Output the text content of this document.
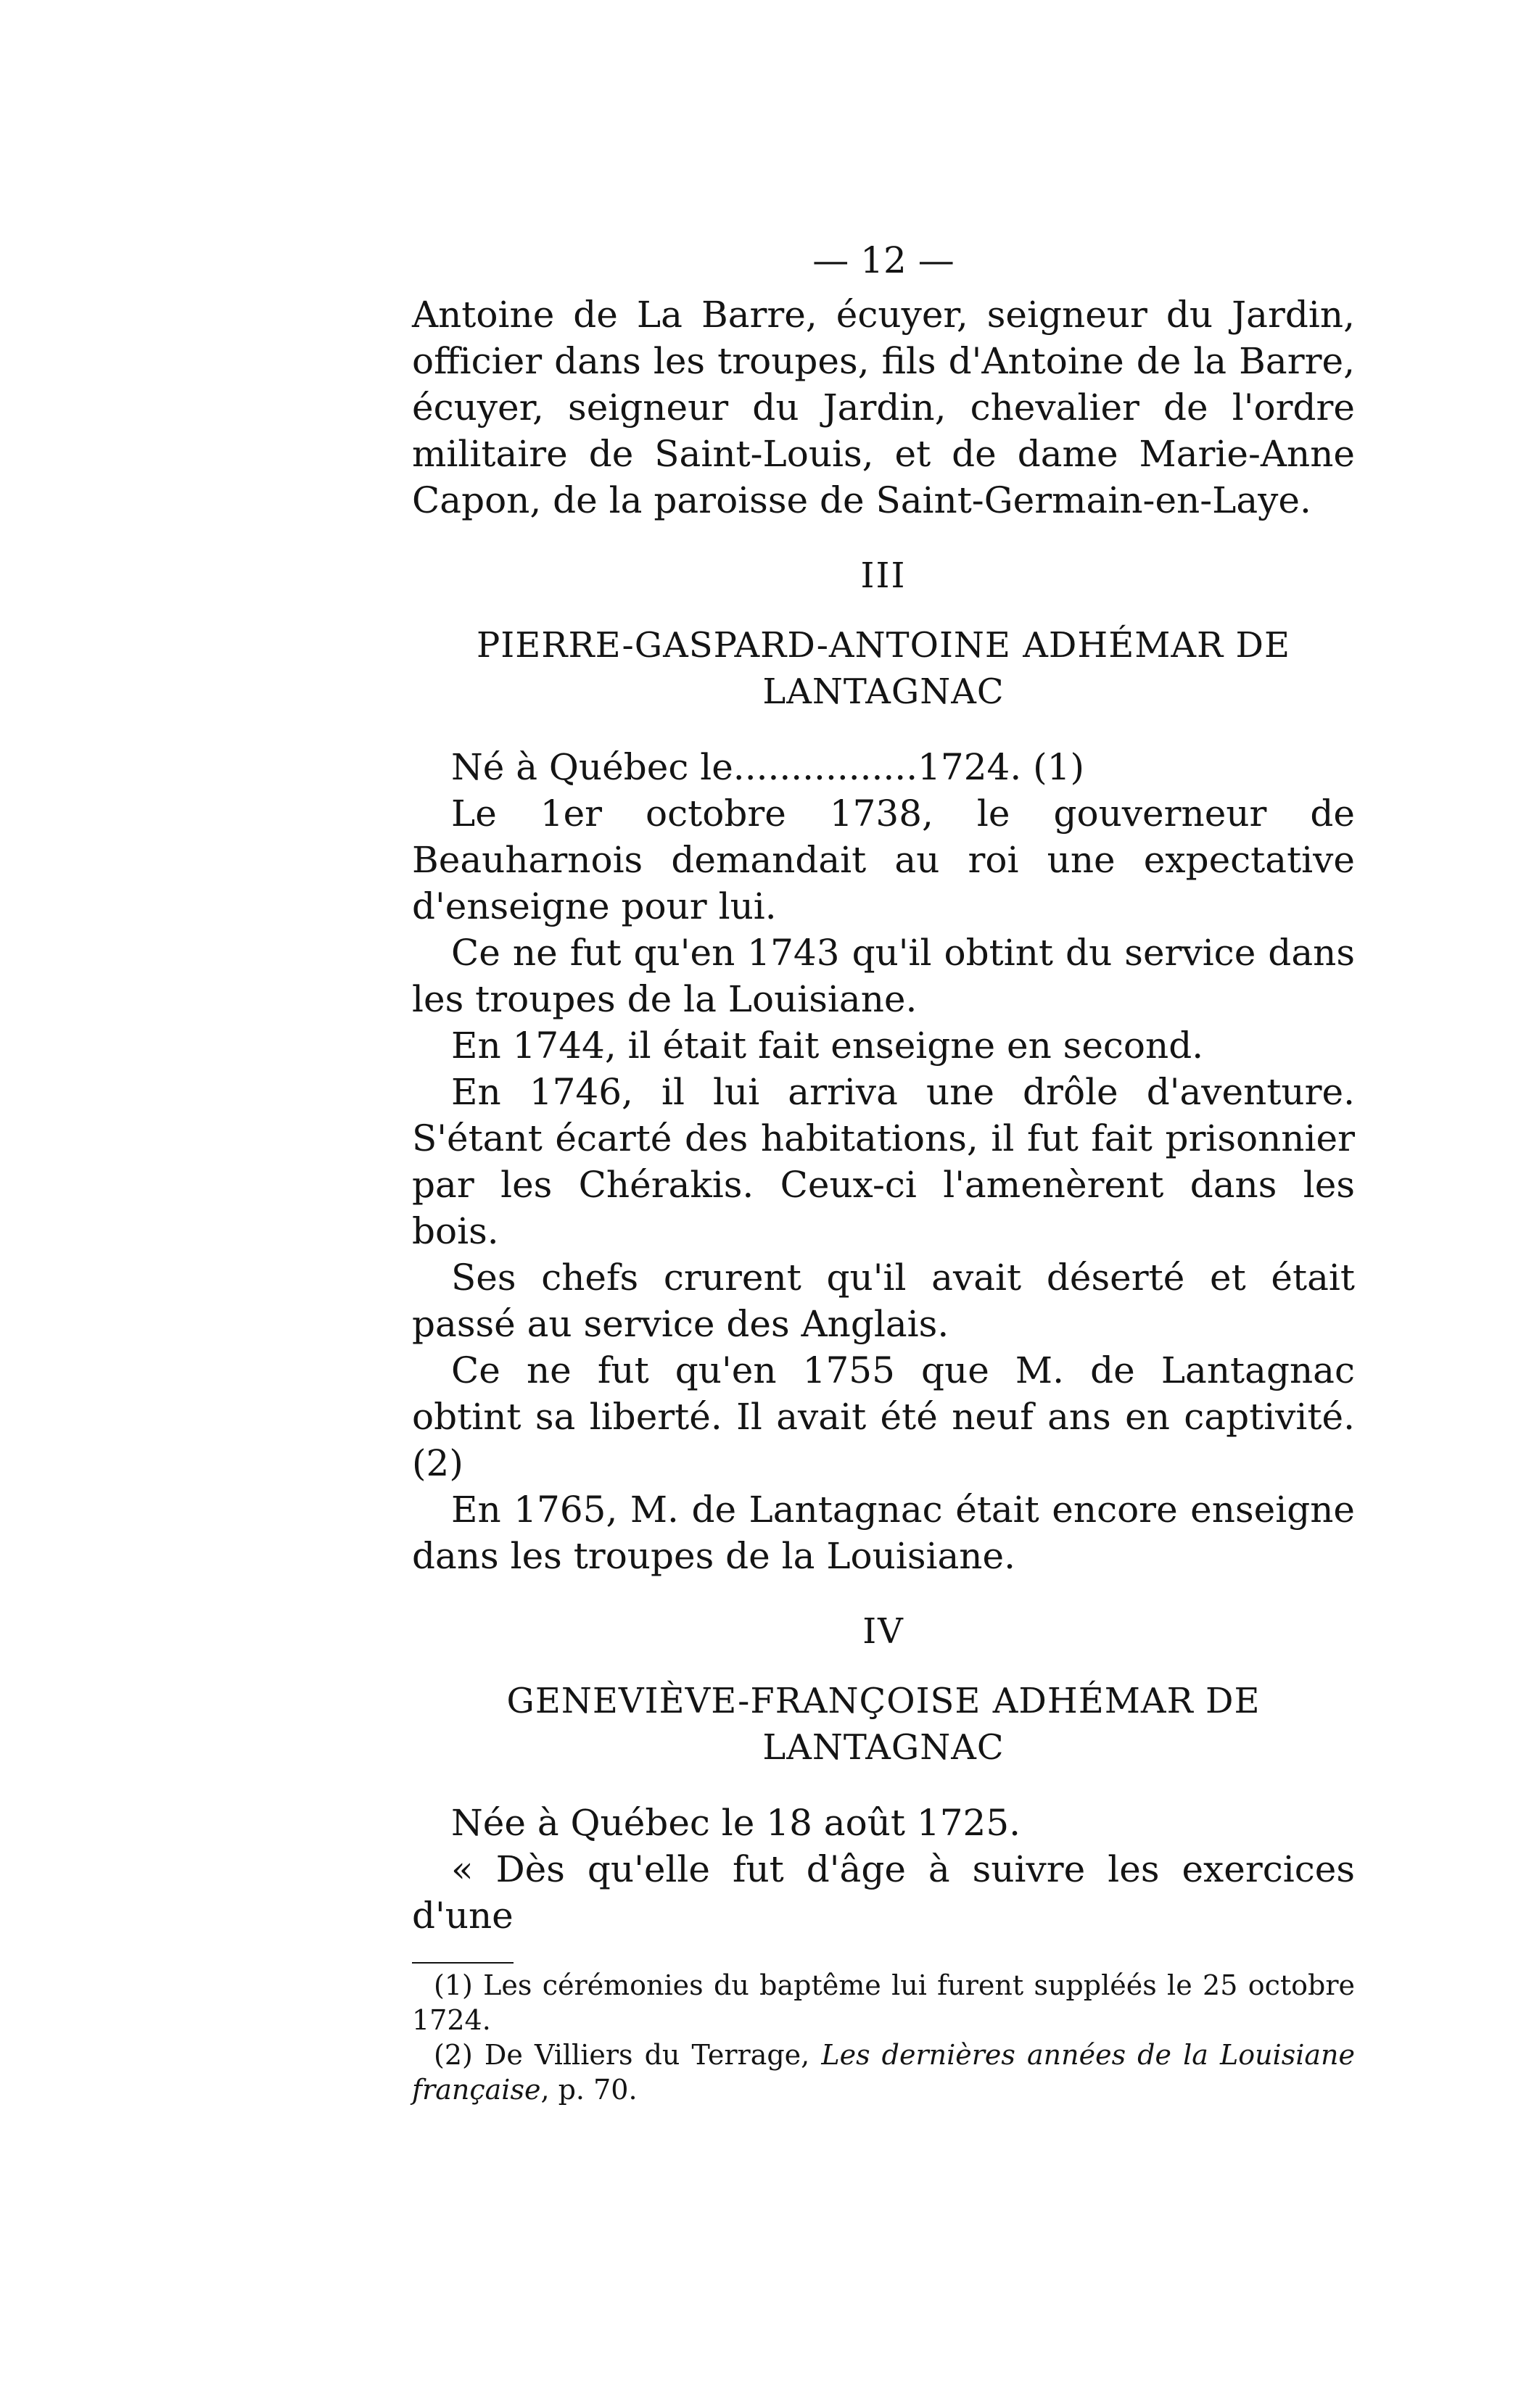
— 12 —

Antoine de La Barre, écuyer, seigneur du Jardin, officier dans les troupes, fils d'Antoine de la Barre, écuyer, seigneur du Jardin, chevalier de l'ordre militaire de Saint-Louis, et de dame Marie-Anne Capon, de la paroisse de Saint-Germain-en-Laye.

III
PIERRE-GASPARD-ANTOINE ADHÉMAR DE
LANTAGNAC

Né à Québec le................1724. (1)

Le 1er octobre 1738, le gouverneur de Beauharnois demandait au roi une expectative d'enseigne pour lui.

Ce ne fut qu'en 1743 qu'il obtint du service dans les troupes de la Louisiane.

En 1744, il était fait enseigne en second.

En 1746, il lui arriva une drôle d'aventure. S'étant écarté des habitations, il fut fait prisonnier par les Chérakis. Ceux-ci l'amenèrent dans les bois.

Ses chefs crurent qu'il avait déserté et était passé au service des Anglais.

Ce ne fut qu'en 1755 que M. de Lantagnac obtint sa liberté. Il avait été neuf ans en captivité. (2)

En 1765, M. de Lantagnac était encore enseigne dans les troupes de la Louisiane.

IV
GENEVIÈVE-FRANÇOISE ADHÉMAR DE
LANTAGNAC

Née à Québec le 18 août 1725.

« Dès qu'elle fut d'âge à suivre les exercices d'une

(1) Les cérémonies du baptême lui furent suppléés le 25 octobre 1724.

(2) De Villiers du Terrage, Les dernières années de la Louisiane française, p. 70.
